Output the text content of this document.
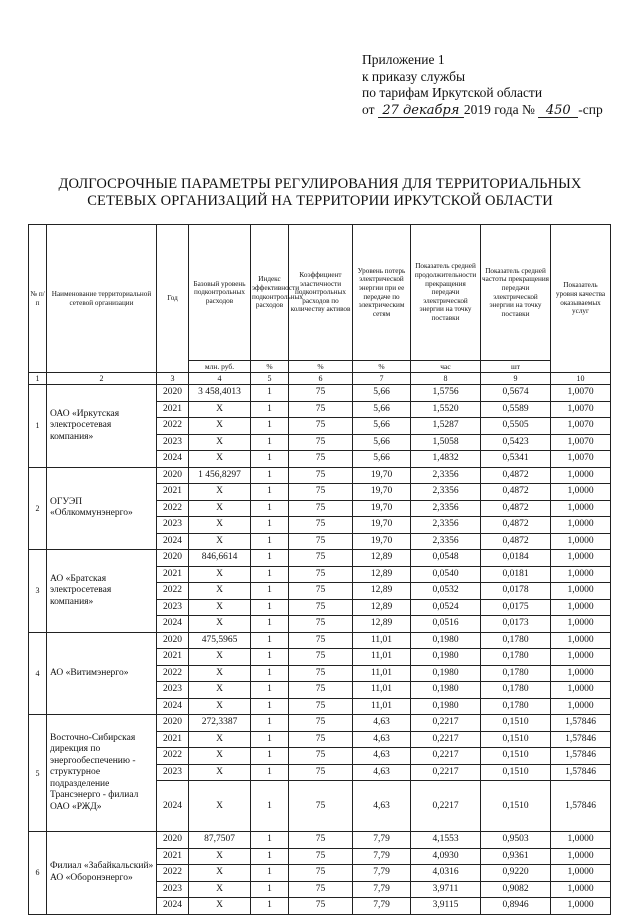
Приложение 1
к приказу службы
по тарифам Иркутской области
от 27 декабря 2019 года № 450 -спр
ДОЛГОСРОЧНЫЕ ПАРАМЕТРЫ РЕГУЛИРОВАНИЯ ДЛЯ ТЕРРИТОРИАЛЬНЫХ
СЕТЕВЫХ ОРГАНИЗАЦИЙ НА ТЕРРИТОРИИ ИРКУТСКОЙ ОБЛАСТИ
№ п/п	Наименование территориальной сетевой организации	Год	Базовый уровень подконтрольных расходов	Индекс эффективности подконтрольных расходов	Коэффициент эластичности подконтрольных расходов по количеству активов	Уровень потерь электрической энергии при ее передаче по электрическим сетям	Показатель средней продолжительности прекращения передачи электрической энергии на точку поставки	Показатель средней частоты прекращения передачи электрической энергии на точку поставки	Показатель уровня качества оказываемых услуг
			млн. руб.	%	%	%	час	шт	
1	2	3	4	5	6	7	8	9	10
1	ОАО «Иркутская электросетевая компания»	2020	3 458,4013	1	75	5,66	1,5756	0,5674	1,0070
		2021	Х	1	75	5,66	1,5520	0,5589	1,0070
		2022	Х	1	75	5,66	1,5287	0,5505	1,0070
		2023	Х	1	75	5,66	1,5058	0,5423	1,0070
		2024	Х	1	75	5,66	1,4832	0,5341	1,0070
2	ОГУЭП «Облкоммунэнерго»	2020	1 456,8297	1	75	19,70	2,3356	0,4872	1,0000
		2021	Х	1	75	19,70	2,3356	0,4872	1,0000
		2022	Х	1	75	19,70	2,3356	0,4872	1,0000
		2023	Х	1	75	19,70	2,3356	0,4872	1,0000
		2024	Х	1	75	19,70	2,3356	0,4872	1,0000
3	АО «Братская электросетевая компания»	2020	846,6614	1	75	12,89	0,0548	0,0184	1,0000
		2021	Х	1	75	12,89	0,0540	0,0181	1,0000
		2022	Х	1	75	12,89	0,0532	0,0178	1,0000
		2023	Х	1	75	12,89	0,0524	0,0175	1,0000
		2024	Х	1	75	12,89	0,0516	0,0173	1,0000
4	АО «Витимэнерго»	2020	475,5965	1	75	11,01	0,1980	0,1780	1,0000
		2021	Х	1	75	11,01	0,1980	0,1780	1,0000
		2022	Х	1	75	11,01	0,1980	0,1780	1,0000
		2023	Х	1	75	11,01	0,1980	0,1780	1,0000
		2024	Х	1	75	11,01	0,1980	0,1780	1,0000
5	Восточно-Сибирская дирекция по энергообеспечению - структурное подразделение Трансэнерго - филиал ОАО «РЖД»	2020	272,3387	1	75	4,63	0,2217	0,1510	1,57846
		2021	Х	1	75	4,63	0,2217	0,1510	1,57846
		2022	Х	1	75	4,63	0,2217	0,1510	1,57846
		2023	Х	1	75	4,63	0,2217	0,1510	1,57846
		2024	Х	1	75	4,63	0,2217	0,1510	1,57846
6	Филиал «Забайкальский» АО «Оборонэнерго»	2020	87,7507	1	75	7,79	4,1553	0,9503	1,0000
		2021	Х	1	75	7,79	4,0930	0,9361	1,0000
		2022	Х	1	75	7,79	4,0316	0,9220	1,0000
		2023	Х	1	75	7,79	3,9711	0,9082	1,0000
		2024	Х	1	75	7,79	3,9115	0,8946	1,0000
